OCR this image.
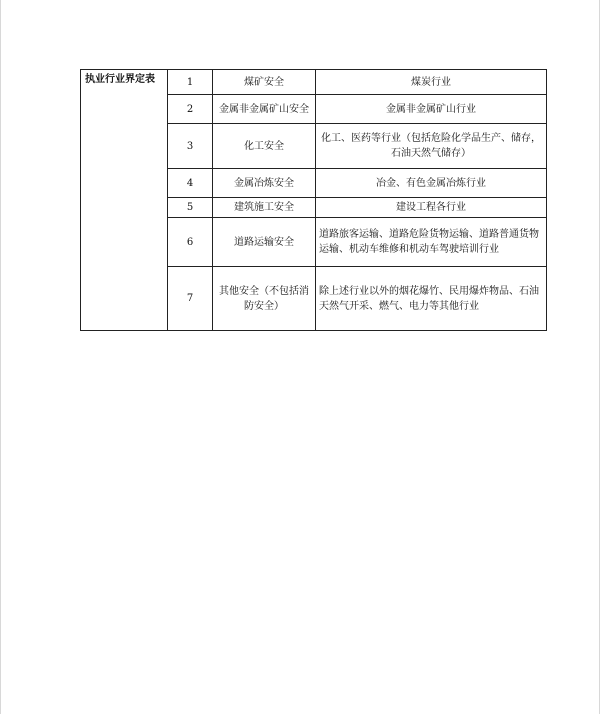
执业行业界定表	1	煤矿安全	煤炭行业
	2	金属非金属矿山安全	金属非金属矿山行业
	3	化工安全	化工、医药等行业（包括危险化学品生产、储存，石油天然气储存）
	4	金属冶炼安全	冶金、有色金属冶炼行业
	5	建筑施工安全	建设工程各行业
	6	道路运输安全	道路旅客运输、道路危险货物运输、道路普通货物运输、机动车维修和机动车驾驶培训行业
	7	其他安全（不包括消防安全）	除上述行业以外的烟花爆竹、民用爆炸物品、石油天然气开采、燃气、电力等其他行业
